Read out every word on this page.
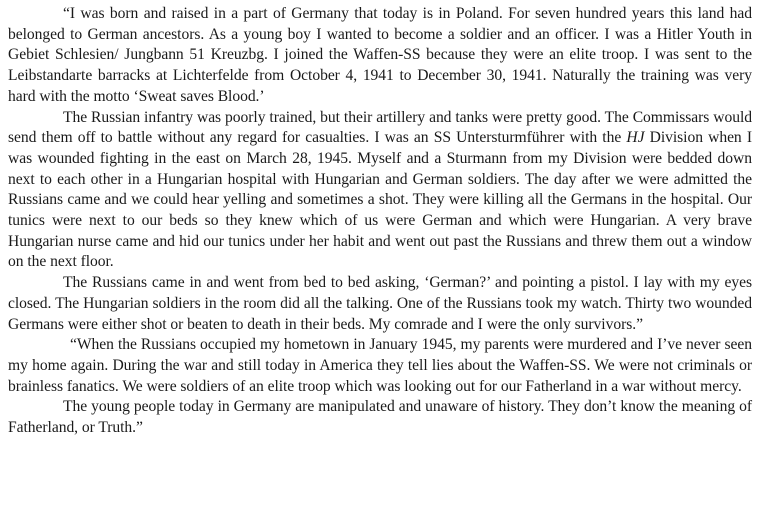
“I was born and raised in a part of Germany that today is in Poland. For seven hundred years this land had belonged to German ancestors. As a young boy I wanted to become a soldier and an officer. I was a Hitler Youth in Gebiet Schlesien/ Jungbann 51 Kreuzbg. I joined the Waffen-SS because they were an elite troop. I was sent to the Leibstandarte barracks at Lichterfelde from October 4, 1941 to December 30, 1941. Naturally the training was very hard with the motto ‘Sweat saves Blood.’

The Russian infantry was poorly trained, but their artillery and tanks were pretty good. The Commissars would send them off to battle without any regard for casualties. I was an SS Untersturmführer with the HJ Division when I was wounded fighting in the east on March 28, 1945. Myself and a Sturmann from my Division were bedded down next to each other in a Hungarian hospital with Hungarian and German soldiers. The day after we were admitted the Russians came and we could hear yelling and sometimes a shot. They were killing all the Germans in the hospital. Our tunics were next to our beds so they knew which of us were German and which were Hungarian. A very brave Hungarian nurse came and hid our tunics under her habit and went out past the Russians and threw them out a window on the next floor.

The Russians came in and went from bed to bed asking, ‘German?’ and pointing a pistol. I lay with my eyes closed. The Hungarian soldiers in the room did all the talking. One of the Russians took my watch. Thirty two wounded Germans were either shot or beaten to death in their beds. My comrade and I were the only survivors.”

“When the Russians occupied my hometown in January 1945, my parents were murdered and I’ve never seen my home again. During the war and still today in America they tell lies about the Waffen-SS. We were not criminals or brainless fanatics. We were soldiers of an elite troop which was looking out for our Fatherland in a war without mercy.

The young people today in Germany are manipulated and unaware of history. They don’t know the meaning of Fatherland, or Truth.”
